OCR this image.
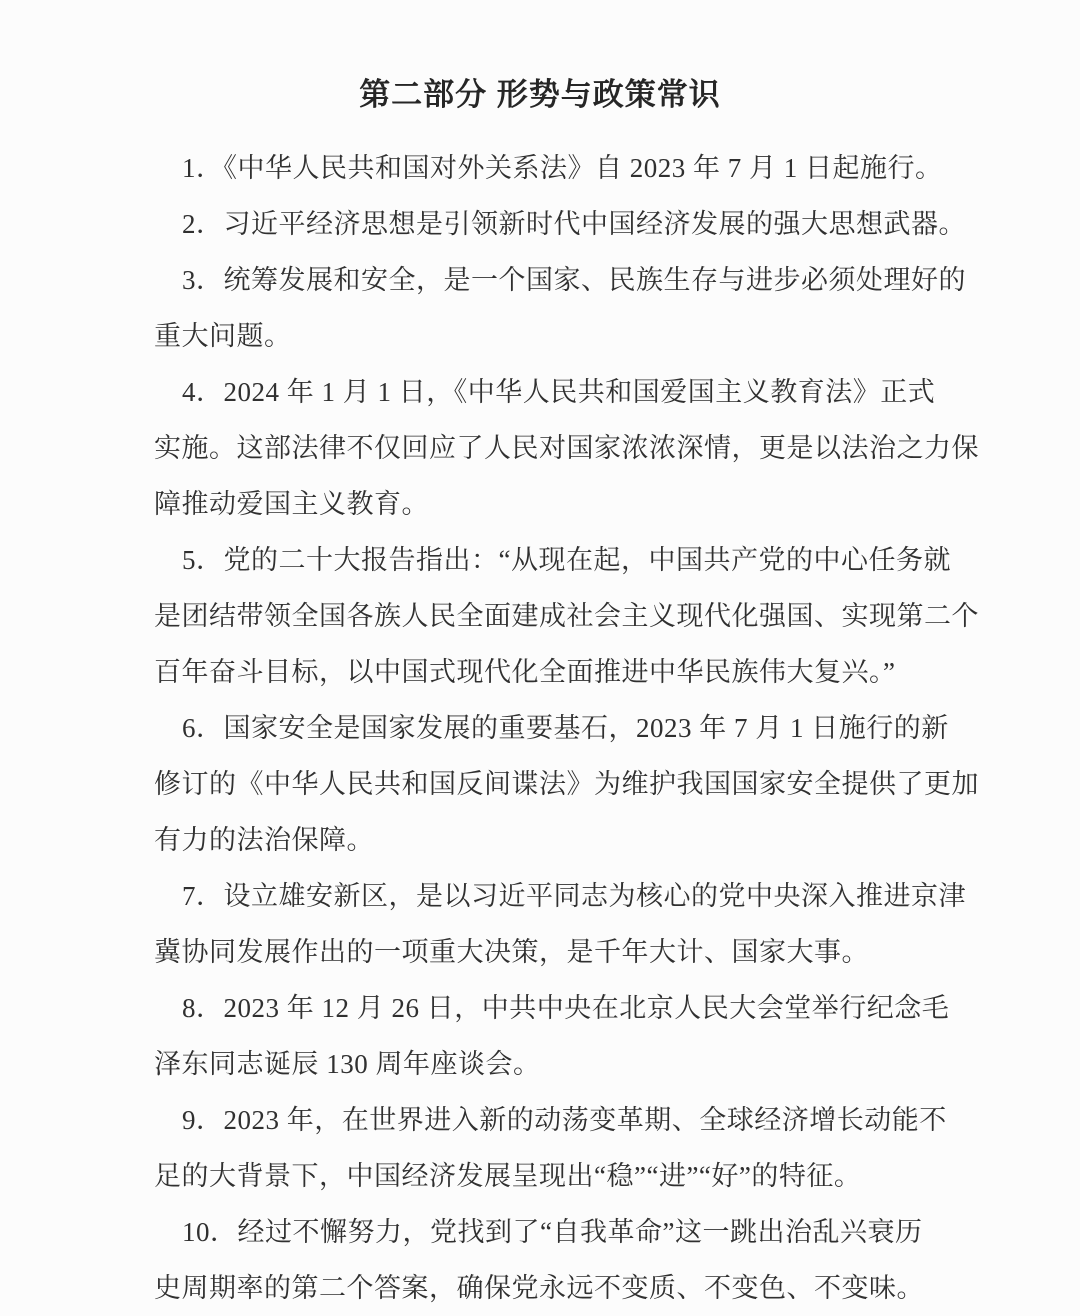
第二部分 形势与政策常识
1．《中华人民共和国对外关系法》自 2023 年 7 月 1 日起施行。
2．习近平经济思想是引领新时代中国经济发展的强大思想武器。
3．统筹发展和安全，是一个国家、民族生存与进步必须处理好的
重大问题。
4．2024 年 1 月 1 日，《中华人民共和国爱国主义教育法》正式
实施。这部法律不仅回应了人民对国家浓浓深情，更是以法治之力保
障推动爱国主义教育。
5．党的二十大报告指出：“从现在起，中国共产党的中心任务就
是团结带领全国各族人民全面建成社会主义现代化强国、实现第二个
百年奋斗目标，以中国式现代化全面推进中华民族伟大复兴。”
6．国家安全是国家发展的重要基石，2023 年 7 月 1 日施行的新
修订的《中华人民共和国反间谍法》为维护我国国家安全提供了更加
有力的法治保障。
7．设立雄安新区，是以习近平同志为核心的党中央深入推进京津
冀协同发展作出的一项重大决策，是千年大计、国家大事。
8．2023 年 12 月 26 日，中共中央在北京人民大会堂举行纪念毛
泽东同志诞辰 130 周年座谈会。
9．2023 年，在世界进入新的动荡变革期、全球经济增长动能不
足的大背景下，中国经济发展呈现出“稳”“进”“好”的特征。
10．经过不懈努力，党找到了“自我革命”这一跳出治乱兴衰历
史周期率的第二个答案，确保党永远不变质、不变色、不变味。
